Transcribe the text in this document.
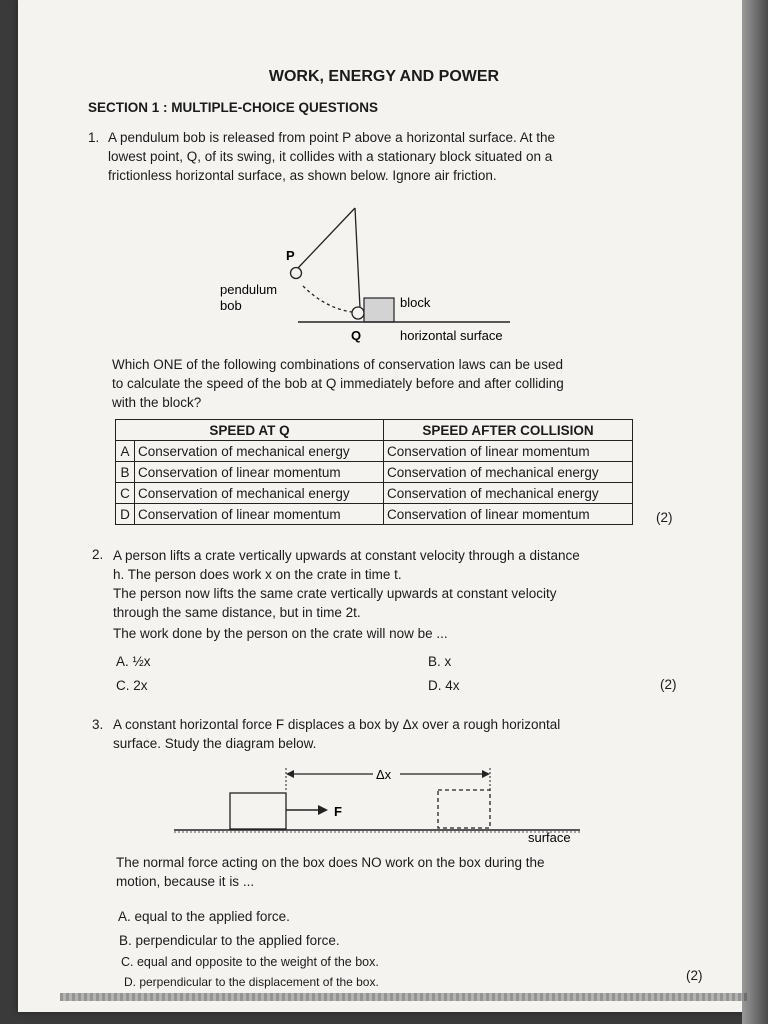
WORK, ENERGY AND POWER
SECTION 1 : MULTIPLE-CHOICE QUESTIONS
1. A pendulum bob is released from point P above a horizontal surface. At the
lowest point, Q, of its swing, it collides with a stationary block situated on a
frictionless horizontal surface, as shown below. Ignore air friction.
P
pendulum
bob	block
Q	horizontal surface
Which ONE of the following combinations of conservation laws can be used
to calculate the speed of the bob at Q immediately before and after colliding
with the block?
SPEED AT Q		SPEED AFTER COLLISION
A	Conservation of mechanical energy	Conservation of linear momentum
B	Conservation of linear momentum	Conservation of mechanical energy
C	Conservation of mechanical energy	Conservation of mechanical energy
D	Conservation of linear momentum	Conservation of linear momentum	(2)
2. A person lifts a crate vertically upwards at constant velocity through a distance
h. The person does work x on the crate in time t.
The person now lifts the same crate vertically upwards at constant velocity
through the same distance, but in time 2t.
The work done by the person on the crate will now be ...
A. ½x	B. x
C. 2x	D. 4x	(2)
3. A constant horizontal force F displaces a box by Δx over a rough horizontal
surface. Study the diagram below.
Δx
F
surface
The normal force acting on the box does NO work on the box during the
motion, because it is ...
A. equal to the applied force.
B. perpendicular to the applied force.
C. equal and opposite to the weight of the box.
D. perpendicular to the displacement of the box.	(2)
